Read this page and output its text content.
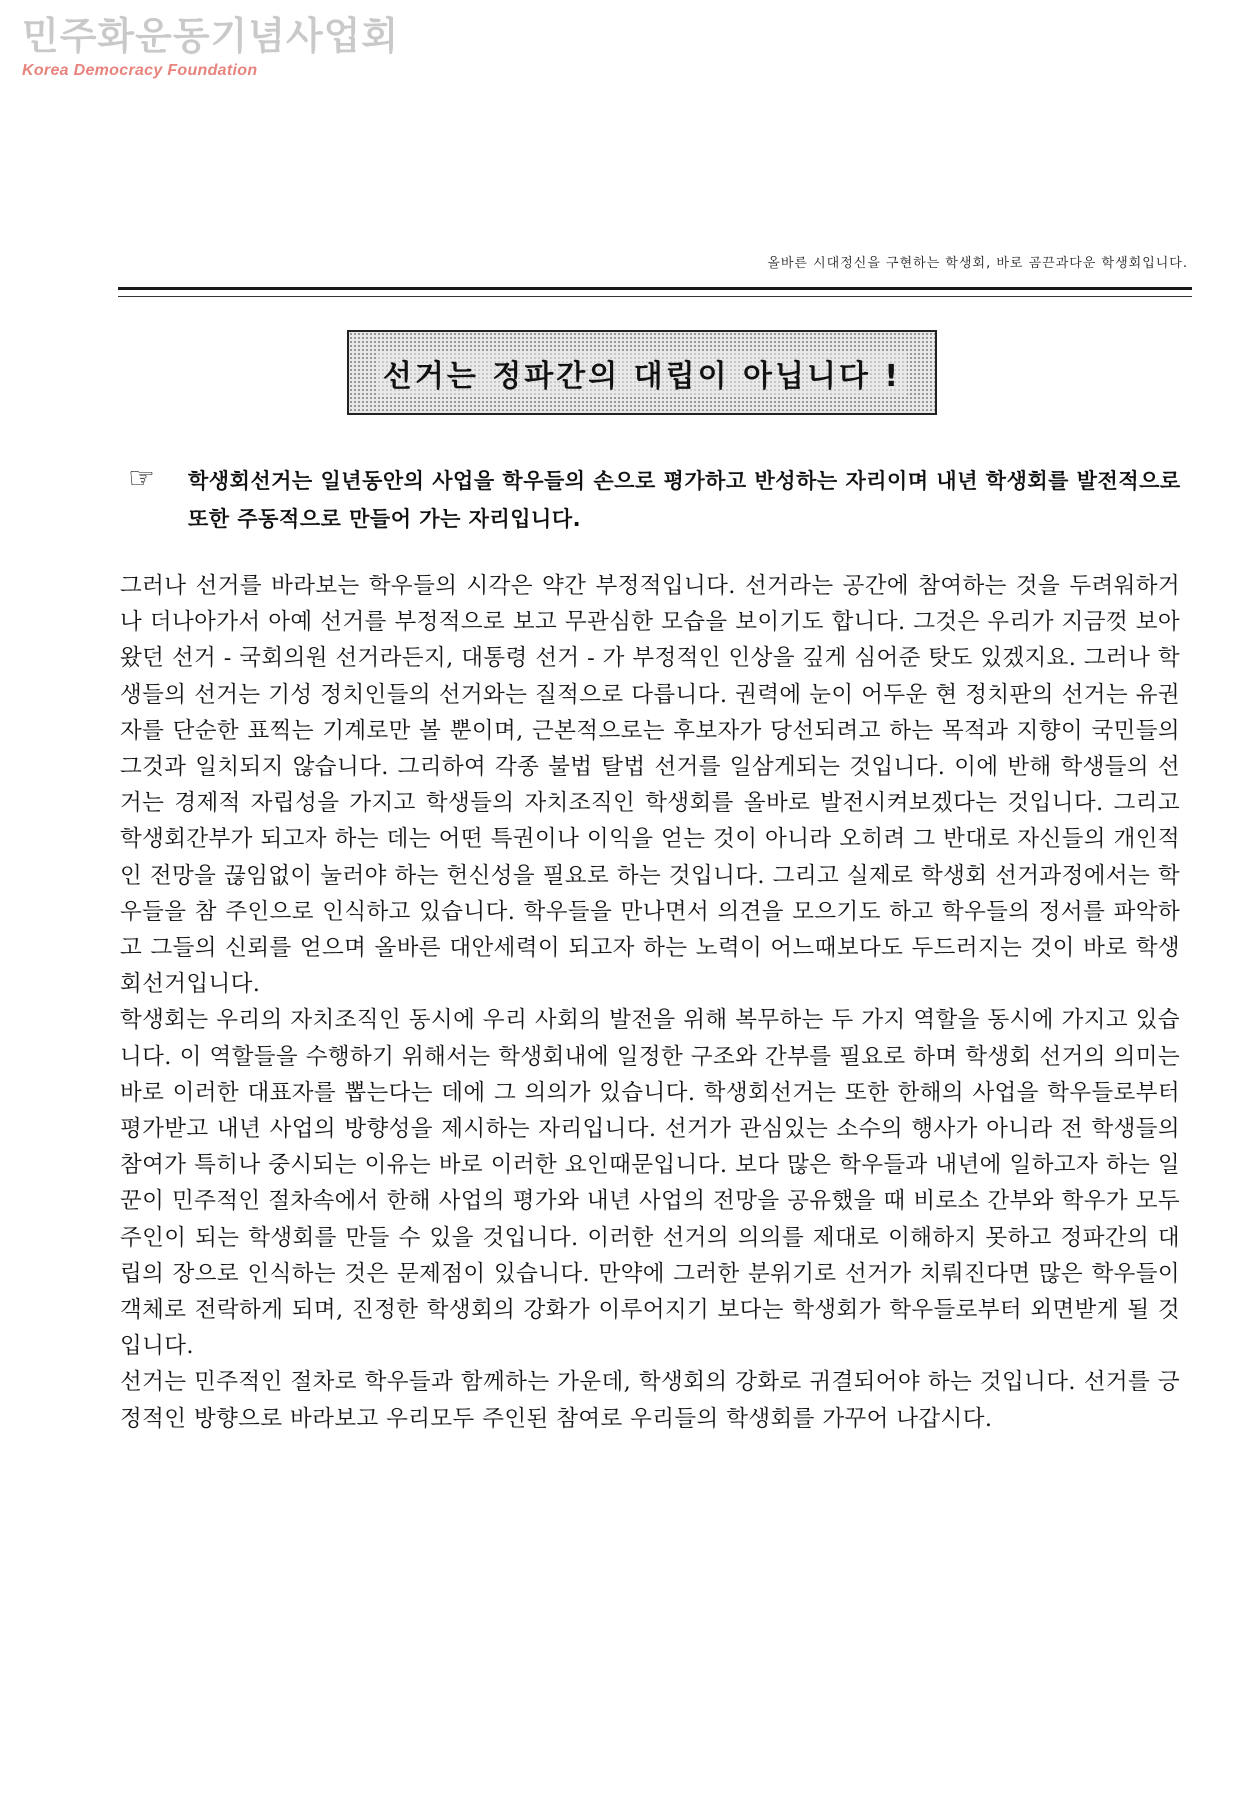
민주화운동기념사업회
Korea Democracy Foundation
올바른 시대정신을 구현하는 학생회, 바로 곰끈과다운 학생회입니다.
선거는 정파간의 대립이 아닙니다 !
☞ 학생회선거는 일년동안의 사업을 학우들의 손으로 평가하고 반성하는 자리이며 내년 학생회를 발전적으로 또한 주동적으로 만들어 가는 자리입니다.

그러나 선거를 바라보는 학우들의 시각은 약간 부정적입니다. 선거라는 공간에 참여하는 것을 두려워하거나 더나아가서 아예 선거를 부정적으로 보고 무관심한 모습을 보이기도 합니다. 그것은 우리가 지금껏 보아왔던 선거 - 국회의원 선거라든지, 대통령 선거 - 가 부정적인 인상을 깊게 심어준 탓도 있겠지요. 그러나 학생들의 선거는 기성 정치인들의 선거와는 질적으로 다릅니다. 권력에 눈이 어두운 현 정치판의 선거는 유권자를 단순한 표찍는 기계로만 볼 뿐이며, 근본적으로는 후보자가 당선되려고 하는 목적과 지향이 국민들의 그것과 일치되지 않습니다. 그리하여 각종 불법 탈법 선거를 일삼게되는 것입니다. 이에 반해 학생들의 선거는 경제적 자립성을 가지고 학생들의 자치조직인 학생회를 올바로 발전시켜보겠다는 것입니다. 그리고 학생회간부가 되고자 하는 데는 어떤 특권이나 이익을 얻는 것이 아니라 오히려 그 반대로 자신들의 개인적인 전망을 끊임없이 눌러야 하는 헌신성을 필요로 하는 것입니다. 그리고 실제로 학생회 선거과정에서는 학우들을 참 주인으로 인식하고 있습니다. 학우들을 만나면서 의견을 모으기도 하고 학우들의 정서를 파악하고 그들의 신뢰를 얻으며 올바른 대안세력이 되고자 하는 노력이 어느때보다도 두드러지는 것이 바로 학생회선거입니다.

학생회는 우리의 자치조직인 동시에 우리 사회의 발전을 위해 복무하는 두 가지 역할을 동시에 가지고 있습니다. 이 역할들을 수행하기 위해서는 학생회내에 일정한 구조와 간부를 필요로 하며 학생회 선거의 의미는 바로 이러한 대표자를 뽑는다는 데에 그 의의가 있습니다. 학생회선거는 또한 한해의 사업을 학우들로부터 평가받고 내년 사업의 방향성을 제시하는 자리입니다. 선거가 관심있는 소수의 행사가 아니라 전 학생들의 참여가 특히나 중시되는 이유는 바로 이러한 요인때문입니다. 보다 많은 학우들과 내년에 일하고자 하는 일꾼이 민주적인 절차속에서 한해 사업의 평가와 내년 사업의 전망을 공유했을 때 비로소 간부와 학우가 모두 주인이 되는 학생회를 만들 수 있을 것입니다. 이러한 선거의 의의를 제대로 이해하지 못하고 정파간의 대립의 장으로 인식하는 것은 문제점이 있습니다. 만약에 그러한 분위기로 선거가 치뤄진다면 많은 학우들이 객체로 전락하게 되며, 진정한 학생회의 강화가 이루어지기 보다는 학생회가 학우들로부터 외면받게 될 것입니다.

선거는 민주적인 절차로 학우들과 함께하는 가운데, 학생회의 강화로 귀결되어야 하는 것입니다. 선거를 긍정적인 방향으로 바라보고 우리모두 주인된 참여로 우리들의 학생회를 가꾸어 나갑시다.
